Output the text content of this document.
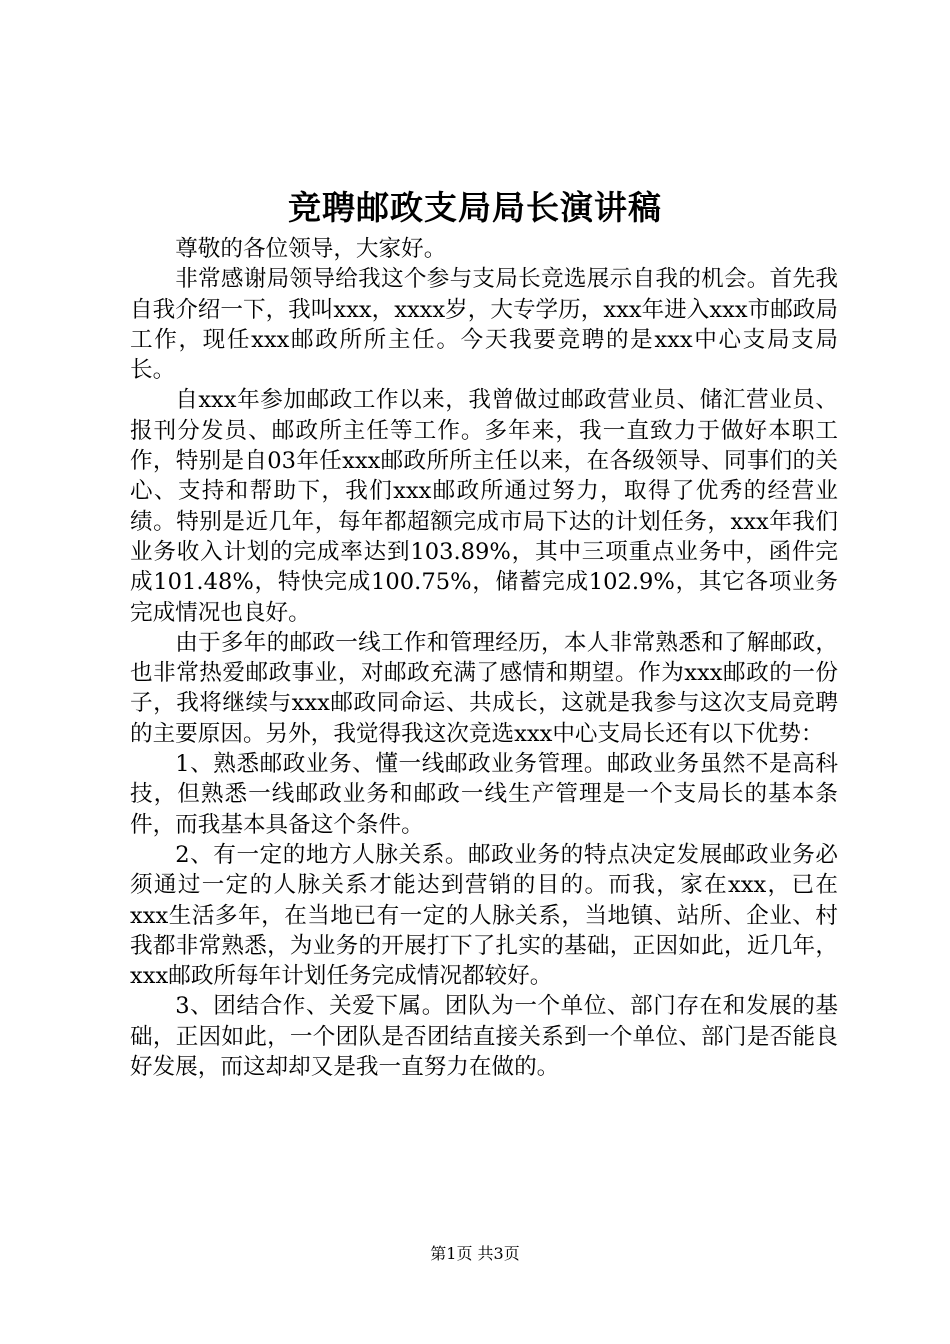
竞聘邮政支局局长演讲稿

尊敬的各位领导，大家好。

非常感谢局领导给我这个参与支局长竞选展示自我的机会。首先我自我介绍一下，我叫xxx，xxxx岁，大专学历，xxx年进入xxx市邮政局工作，现任xxx邮政所所主任。今天我要竞聘的是xxx中心支局支局长。

自xxx年参加邮政工作以来，我曾做过邮政营业员、储汇营业员、报刊分发员、邮政所主任等工作。多年来，我一直致力于做好本职工作，特别是自03年任xxx邮政所所主任以来，在各级领导、同事们的关心、支持和帮助下，我们xxx邮政所通过努力，取得了优秀的经营业绩。特别是近几年，每年都超额完成市局下达的计划任务，xxx年我们业务收入计划的完成率达到103.89%，其中三项重点业务中，函件完成101.48%，特快完成100.75%，储蓄完成102.9%，其它各项业务完成情况也良好。

由于多年的邮政一线工作和管理经历，本人非常熟悉和了解邮政，也非常热爱邮政事业，对邮政充满了感情和期望。作为xxx邮政的一份子，我将继续与xxx邮政同命运、共成长，这就是我参与这次支局竞聘的主要原因。另外，我觉得我这次竞选xxx中心支局长还有以下优势：

1、熟悉邮政业务、懂一线邮政业务管理。邮政业务虽然不是高科技，但熟悉一线邮政业务和邮政一线生产管理是一个支局长的基本条件，而我基本具备这个条件。

2、有一定的地方人脉关系。邮政业务的特点决定发展邮政业务必须通过一定的人脉关系才能达到营销的目的。而我，家在xxx，已在xxx生活多年，在当地已有一定的人脉关系，当地镇、站所、企业、村我都非常熟悉，为业务的开展打下了扎实的基础，正因如此，近几年，xxx邮政所每年计划任务完成情况都较好。

3、团结合作、关爱下属。团队为一个单位、部门存在和发展的基础，正因如此，一个团队是否团结直接关系到一个单位、部门是否能良好发展，而这却却又是我一直努力在做的。

第1页 共3页
